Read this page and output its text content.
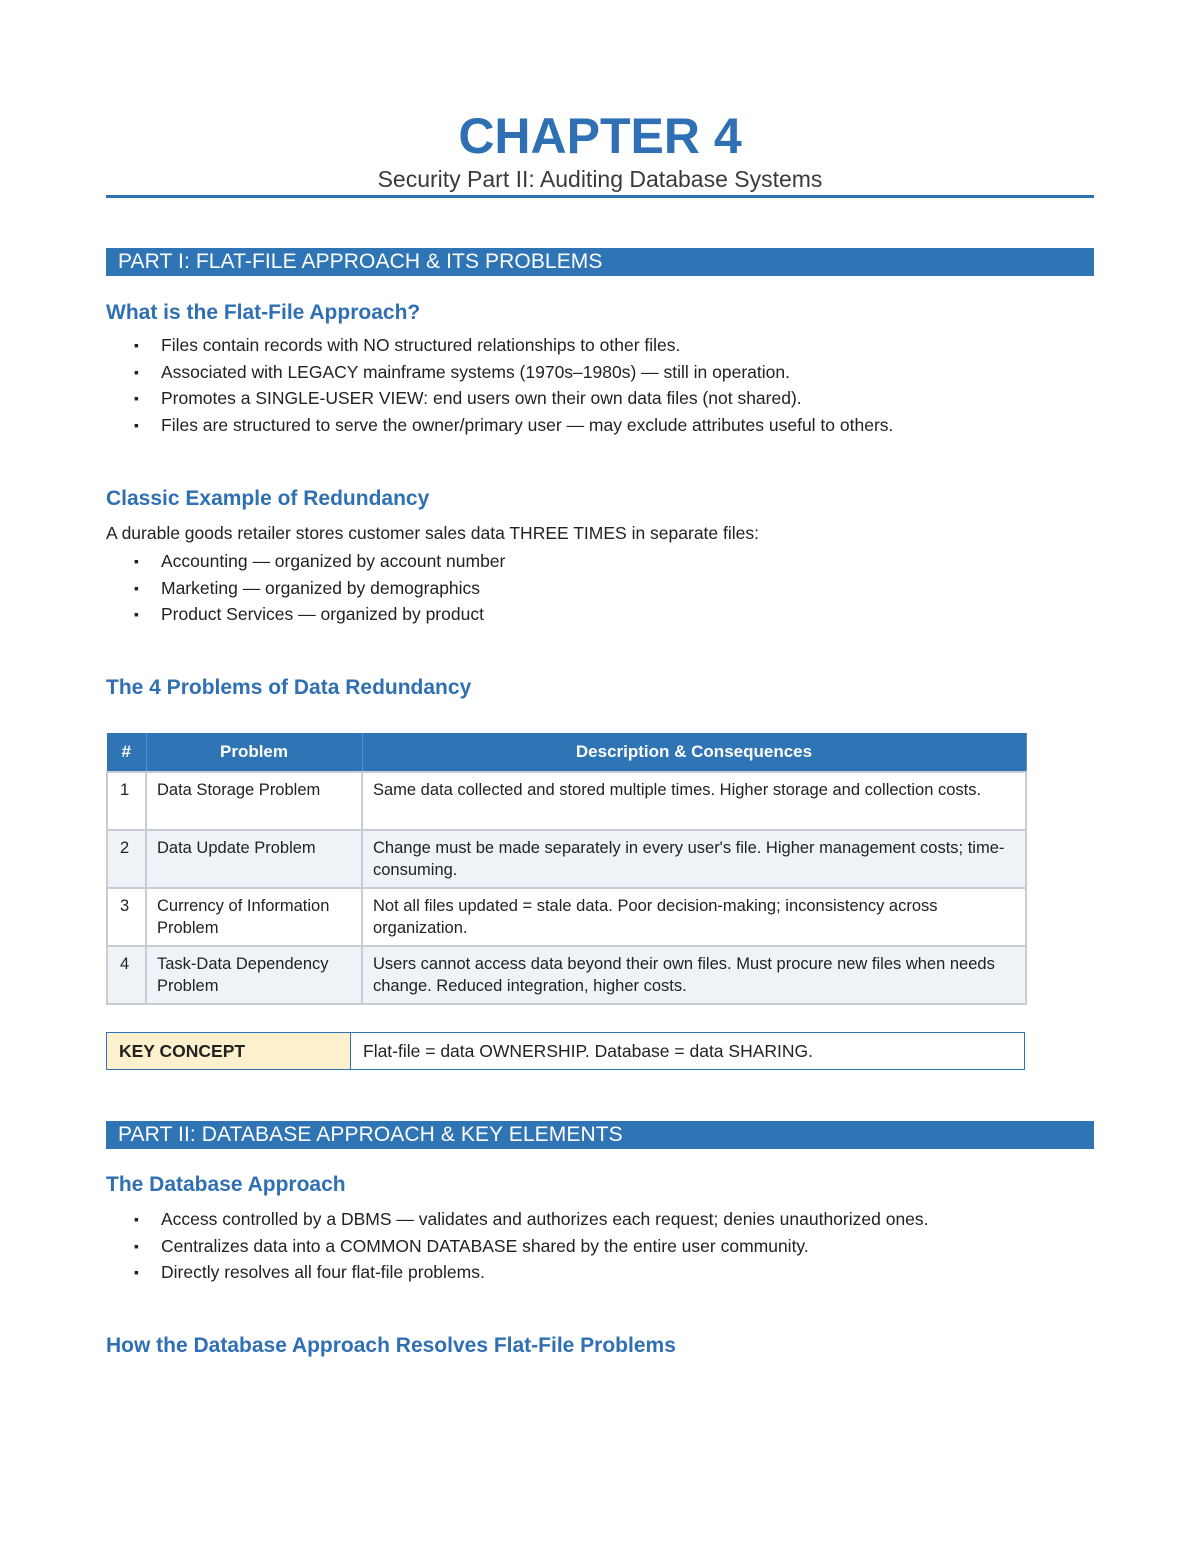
CHAPTER 4
Security Part II: Auditing Database Systems
PART I: FLAT-FILE APPROACH & ITS PROBLEMS
What is the Flat-File Approach?
▪ Files contain records with NO structured relationships to other files.
▪ Associated with LEGACY mainframe systems (1970s–1980s) — still in operation.
▪ Promotes a SINGLE-USER VIEW: end users own their own data files (not shared).
▪ Files are structured to serve the owner/primary user — may exclude attributes useful to others.
Classic Example of Redundancy
A durable goods retailer stores customer sales data THREE TIMES in separate files:
▪ Accounting — organized by account number
▪ Marketing — organized by demographics
▪ Product Services — organized by product
The 4 Problems of Data Redundancy
#	Problem	Description & Consequences
1	Data Storage Problem	Same data collected and stored multiple times. Higher storage and collection costs.
2	Data Update Problem	Change must be made separately in every user's file. Higher management costs; time-consuming.
3	Currency of Information Problem	Not all files updated = stale data. Poor decision-making; inconsistency across organization.
4	Task-Data Dependency Problem	Users cannot access data beyond their own files. Must procure new files when needs change. Reduced integration, higher costs.
KEY CONCEPT	Flat-file = data OWNERSHIP. Database = data SHARING.
PART II: DATABASE APPROACH & KEY ELEMENTS
The Database Approach
▪ Access controlled by a DBMS — validates and authorizes each request; denies unauthorized ones.
▪ Centralizes data into a COMMON DATABASE shared by the entire user community.
▪ Directly resolves all four flat-file problems.
How the Database Approach Resolves Flat-File Problems
